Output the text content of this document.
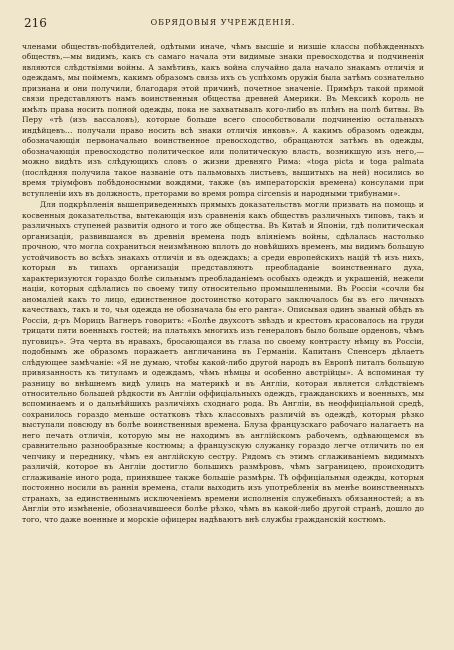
216	ОБРЯДОВЫЯ УЧРЕЖДЕНІЯ.

членами обществъ-побѣдителей, одѣтыми иначе, чѣмъ высшіе и низшіе классы побѣжденныхъ обществъ,—мы видимъ, какъ съ самаго начала эти видимые знаки превосходства и подчиненія являются слѣдствіями войны. А замѣтивъ, какъ война случайно дала начало знакамъ отличія и одеждамъ, мы поймемъ, какимъ образомъ связь ихъ съ успѣхомъ оружія была затѣмъ сознательно признана и они получили, благодаря этой причинѣ, почетное значеніе. Примѣръ такой прямой связи представляютъ намъ воинственныя общества древней Америки. Въ Мексикѣ король не имѣлъ права носить полной одежды, пока не захватывалъ кого-либо въ плѣнъ на полѣ битвы. Въ Перу «тѣ (изъ вассаловъ), которые больше всего способствовали подчиненію остальныхъ индѣйцевъ… получали право носить всѣ знаки отличія инковъ». А какимъ образомъ одежды, обозначающія первоначально воинственное превосходство, обращаются затѣмъ въ одежды, обозначающія превосходство политическое или политическую власть, возникшую изъ него,—можно видѣть изъ слѣдующихъ словъ о жизни древняго Рима: «toga picta и toga palmata (послѣдняя получила такое названіе отъ пальмовыхъ листьевъ, вышитыхъ на ней) носились во время тріумфовъ побѣдоносными вождями, также (въ императорскія времена) консулами при вступленіи ихъ въ должность, преторами во время pompa circensis и народными трибунами».

Для подкрѣпленія вышеприведенныхъ прямыхъ доказательствъ могли призвать на помощь и косвенныя доказательства, вытекающія изъ сравненія какъ обществъ различныхъ типовъ, такъ и различныхъ ступеней развитія одного и того же общества. Въ Китаѣ и Японіи, гдѣ политическая организація, развившаяся въ древнія времена подъ вліяніемъ войны, сдѣлалась настолько прочною, что могла сохраниться неизмѣнною вплоть до новѣйшихъ временъ, мы видимъ большую устойчивость во всѣхъ знакахъ отличія и въ одеждахъ; а среди европейскихъ націй тѣ изъ нихъ, которыя въ типахъ организаціи представляютъ преобладаніе воинственнаго духа, характеризуются гораздо болѣе сильнымъ преобладаніемъ особыхъ одеждъ и украшеній, нежели націи, которыя сдѣлались по своему типу относительно промышленными. Въ Россіи «сочли бы аномаліей какъ то лицо, единственное достоинство котораго заключалось бы въ его личныхъ качествахъ, такъ и то, чья одежда не обозначала бы его ранга». Описывая одинъ званый обѣдъ въ Россіи, д-ръ Морицъ Вагнеръ говоритъ: «Болѣе двухсотъ звѣздъ и крестовъ красовалось на груди трицати пяти военныхъ гостей; на платьяхъ многихъ изъ генераловъ было больше орденовъ, чѣмъ пуговицъ». Эта черта въ нравахъ, бросающаяся въ глаза по своему контрасту нѣмцу въ Россіи, подобнымъ же образомъ поражаетъ англичанина въ Германіи. Капитанъ Спенсеръ дѣлаетъ слѣдующее замѣчаніе: «Я не думаю, чтобы какой-либо другой народъ въ Европѣ питалъ большую привязанность къ титуламъ и одеждамъ, чѣмъ нѣмцы и особенно австрійцы». А вспоминая ту разницу во внѣшнемъ видѣ улицъ на материкѣ и въ Англіи, которая является слѣдствіемъ относительно большей рѣдкости въ Англіи оффиціальныхъ одеждъ, гражданскихъ и военныхъ, мы вспоминаемъ и о дальнѣйшихъ различіяхъ сходнаго рода. Въ Англіи, въ неоффиціальной средѣ, сохранилось гораздо меньше остатковъ тѣхъ классовыхъ различій въ одеждѣ, которыя рѣзко выступали повсюду въ болѣе воинственныя времена. Блуза французскаго рабочаго налагаетъ на него печать отличія, которую мы не находимъ въ англійскомъ рабочемъ, одѣвающемся въ сравнительно разнообразные костюмы; а французскую служанку гораздо легче отличить по ея чепчику и переднику, чѣмъ ея англійскую сестру. Рядомъ съ этимъ сглаживаніемъ видимыхъ различій, которое въ Англіи достигло большихъ размѣровъ, чѣмъ заграницею, происходитъ сглаживаніе иного рода, принявшее также большіе размѣры. Тѣ оффиціальныя одежды, которыя постоянно носили въ раннія времена, стали выходить изъ употребленія въ менѣе воинственныхъ странахъ, за единственнымъ исключеніемъ времени исполненія служебныхъ обязанностей; а въ Англіи это измѣненіе, обозначившееся болѣе рѣзко, чѣмъ въ какой-либо другой странѣ, дошло до того, что даже военные и морскіе офицеры надѣваютъ внѣ службы гражданскій костюмъ.
